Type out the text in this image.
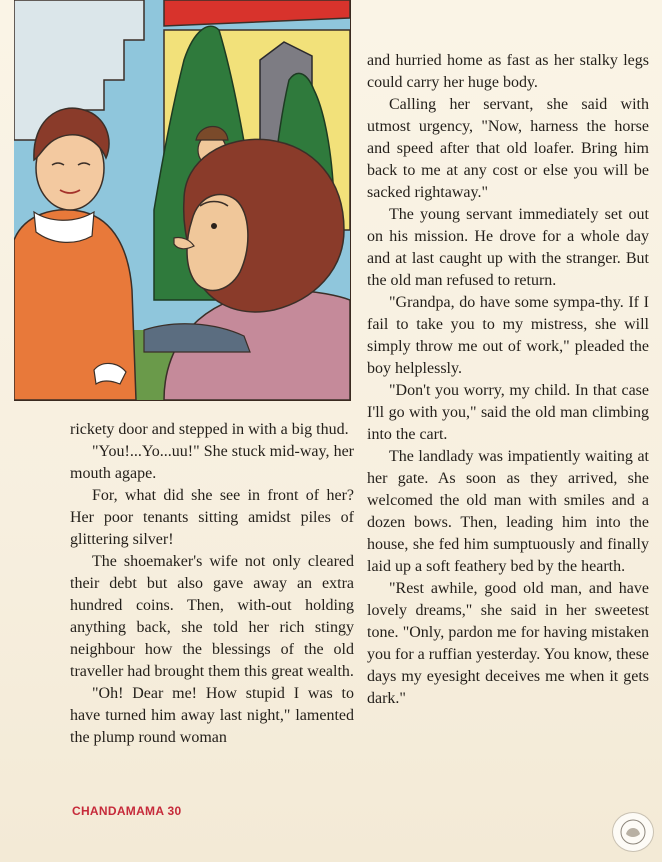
rickety door and stepped in with a big thud.

"You!...Yo...uu!" She stuck mid-way, her mouth agape.

For, what did she see in front of her? Her poor tenants sitting amidst piles of glittering silver!

The shoemaker's wife not only cleared their debt but also gave away an extra hundred coins. Then, with-out holding anything back, she told her rich stingy neighbour how the blessings of the old traveller had brought them this great wealth.

"Oh! Dear me! How stupid I was to have turned him away last night," lamented the plump round woman

and hurried home as fast as her stalky legs could carry her huge body.

Calling her servant, she said with utmost urgency, "Now, harness the horse and speed after that old loafer. Bring him back to me at any cost or else you will be sacked rightaway."

The young servant immediately set out on his mission. He drove for a whole day and at last caught up with the stranger. But the old man refused to return.

"Grandpa, do have some sympa-thy. If I fail to take you to my mistress, she will simply throw me out of work," pleaded the boy helplessly.

"Don't you worry, my child. In that case I'll go with you," said the old man climbing into the cart.

The landlady was impatiently waiting at her gate. As soon as they arrived, she welcomed the old man with smiles and a dozen bows. Then, leading him into the house, she fed him sumptuously and finally laid up a soft feathery bed by the hearth.

"Rest awhile, good old man, and have lovely dreams," she said in her sweetest tone. "Only, pardon me for having mistaken you for a ruffian yesterday. You know, these days my eyesight deceives me when it gets dark."

CHANDAMAMA 30
